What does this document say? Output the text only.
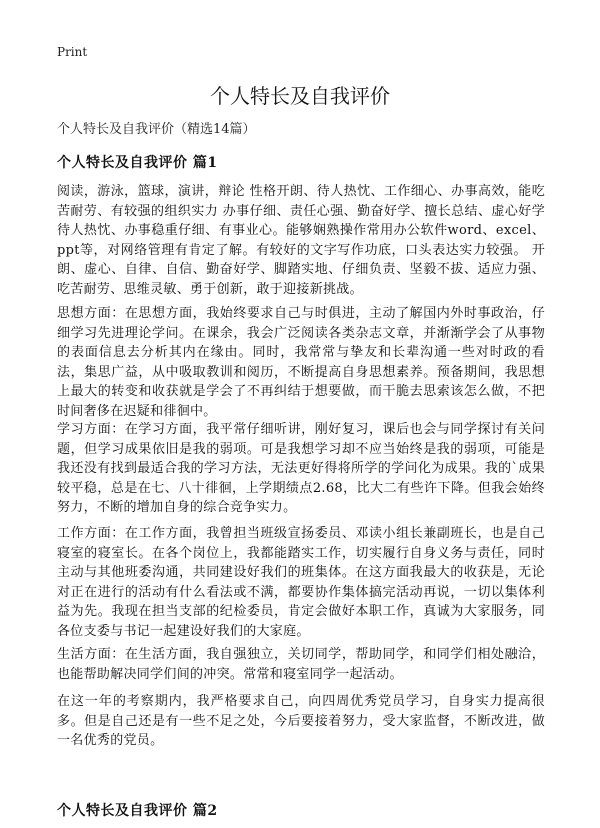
Print
个人特长及自我评价
个人特长及自我评价（精选14篇）
个人特长及自我评价 篇1

阅读，游泳，篮球，演讲，辩论 性格开朗、待人热忱、工作细心、办事高效，能吃苦耐劳、有较强的组织实力 办事仔细、责任心强、勤奋好学、擅长总结、虚心好学 待人热忱、办事稳重仔细、有事业心。能够娴熟操作常用办公软件word、excel、ppt等，对网络管理有肯定了解。有较好的文字写作功底，口头表达实力较强。 开朗、虚心、自律、自信、勤奋好学、脚踏实地、仔细负责、坚毅不拔、适应力强、吃苦耐劳、思维灵敏、勇于创新，敢于迎接新挑战。

思想方面：在思想方面，我始终要求自己与时俱进，主动了解国内外时事政治，仔细学习先进理论学问。在课余，我会广泛阅读各类杂志文章，并渐渐学会了从事物的表面信息去分析其内在缘由。同时，我常常与挚友和长辈沟通一些对时政的看法，集思广益，从中吸取教训和阅历，不断提高自身思想素养。预备期间，我思想上最大的转变和收获就是学会了不再纠结于想要做，而干脆去思索该怎么做，不把时间奢侈在迟疑和徘徊中。

学习方面：在学习方面，我平常仔细听讲，刚好复习，课后也会与同学探讨有关问题，但学习成果依旧是我的弱项。可是我想学习却不应当始终是我的弱项，可能是我还没有找到最适合我的学习方法，无法更好得将所学的学问化为成果。我的`成果较平稳，总是在七、八十徘徊，上学期绩点2.68，比大二有些许下降。但我会始终努力，不断的增加自身的综合竞争实力。

工作方面：在工作方面，我曾担当班级宣扬委员、邓读小组长兼副班长，也是自己寝室的寝室长。在各个岗位上，我都能踏实工作，切实履行自身义务与责任，同时主动与其他班委沟通，共同建设好我们的班集体。在这方面我最大的收获是，无论对正在进行的活动有什么看法或不满，都要协作集体搞完活动再说，一切以集体利益为先。我现在担当支部的纪检委员，肯定会做好本职工作，真诚为大家服务，同各位支委与书记一起建设好我们的大家庭。

生活方面：在生活方面，我自强独立，关切同学，帮助同学，和同学们相处融洽，也能帮助解决同学们间的冲突。常常和寝室同学一起活动。

在这一年的考察期内，我严格要求自己，向四周优秀党员学习，自身实力提高很多。但是自己还是有一些不足之处，今后要接着努力，受大家监督，不断改进，做一名优秀的党员。

个人特长及自我评价 篇2
